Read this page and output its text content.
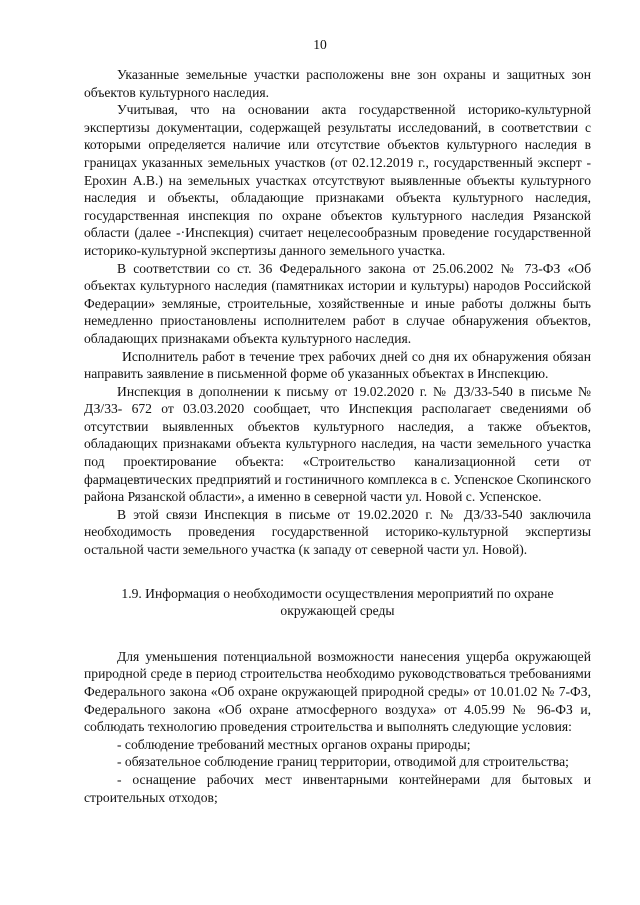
10

Указанные земельные участки расположены вне зон охраны и защитных зон объектов культурного наследия.

Учитывая, что на основании акта государственной историко-культурной экспертизы документации, содержащей результаты исследований, в соответствии с которыми определяется наличие или отсутствие объектов культурного наследия в границах указанных земельных участков (от 02.12.2019 г., государственный эксперт - Ерохин А.В.) на земельных участках отсутствуют выявленные объекты культурного наследия и объекты, обладающие признаками объекта культурного наследия, государственная инспекция по охране объектов культурного наследия Рязанской области (далее -·Инспекция) считает нецелесообразным проведение государственной историко-культурной экспертизы данного земельного участка.

В соответствии со ст. 36 Федерального закона от 25.06.2002 № 73-ФЗ «Об объектах культурного наследия (памятниках истории и культуры) народов Российской Федерации» земляные, строительные, хозяйственные и иные работы должны быть немедленно приостановлены исполнителем работ в случае обнаружения объектов, обладающих признаками объекта культурного наследия.

Исполнитель работ в течение трех рабочих дней со дня их обнаружения обязан направить заявление в письменной форме об указанных объектах в Инспекцию.

Инспекция в дополнении к письму от 19.02.2020 г. № ДЗ/33-540 в письме № ДЗ/33- 672 от 03.03.2020 сообщает, что Инспекция располагает сведениями об отсутствии выявленных объектов культурного наследия, а также объектов, обладающих признаками объекта культурного наследия, на части земельного участка под проектирование объекта: «Строительство канализационной сети от фармацевтических предприятий и гостиничного комплекса в с. Успенское Скопинского района Рязанской области», а именно в северной части ул. Новой с. Успенское.

В этой связи Инспекция в письме от 19.02.2020 г. № ДЗ/33-540 заключила необходимость проведения государственной историко-культурной экспертизы остальной части земельного участка (к западу от северной части ул. Новой).

1.9. Информация о необходимости осуществления мероприятий по охране окружающей среды

Для уменьшения потенциальной возможности нанесения ущерба окружающей природной среде в период строительства необходимо руководствоваться требованиями Федерального закона «Об охране окружающей природной среды» от 10.01.02 № 7-ФЗ, Федерального закона «Об охране атмосферного воздуха» от 4.05.99 № 96-ФЗ и, соблюдать технологию проведения строительства и выполнять следующие условия:

- соблюдение требований местных органов охраны природы;

- обязательное соблюдение границ территории, отводимой для строительства;

- оснащение рабочих мест инвентарными контейнерами для бытовых и строительных отходов;
